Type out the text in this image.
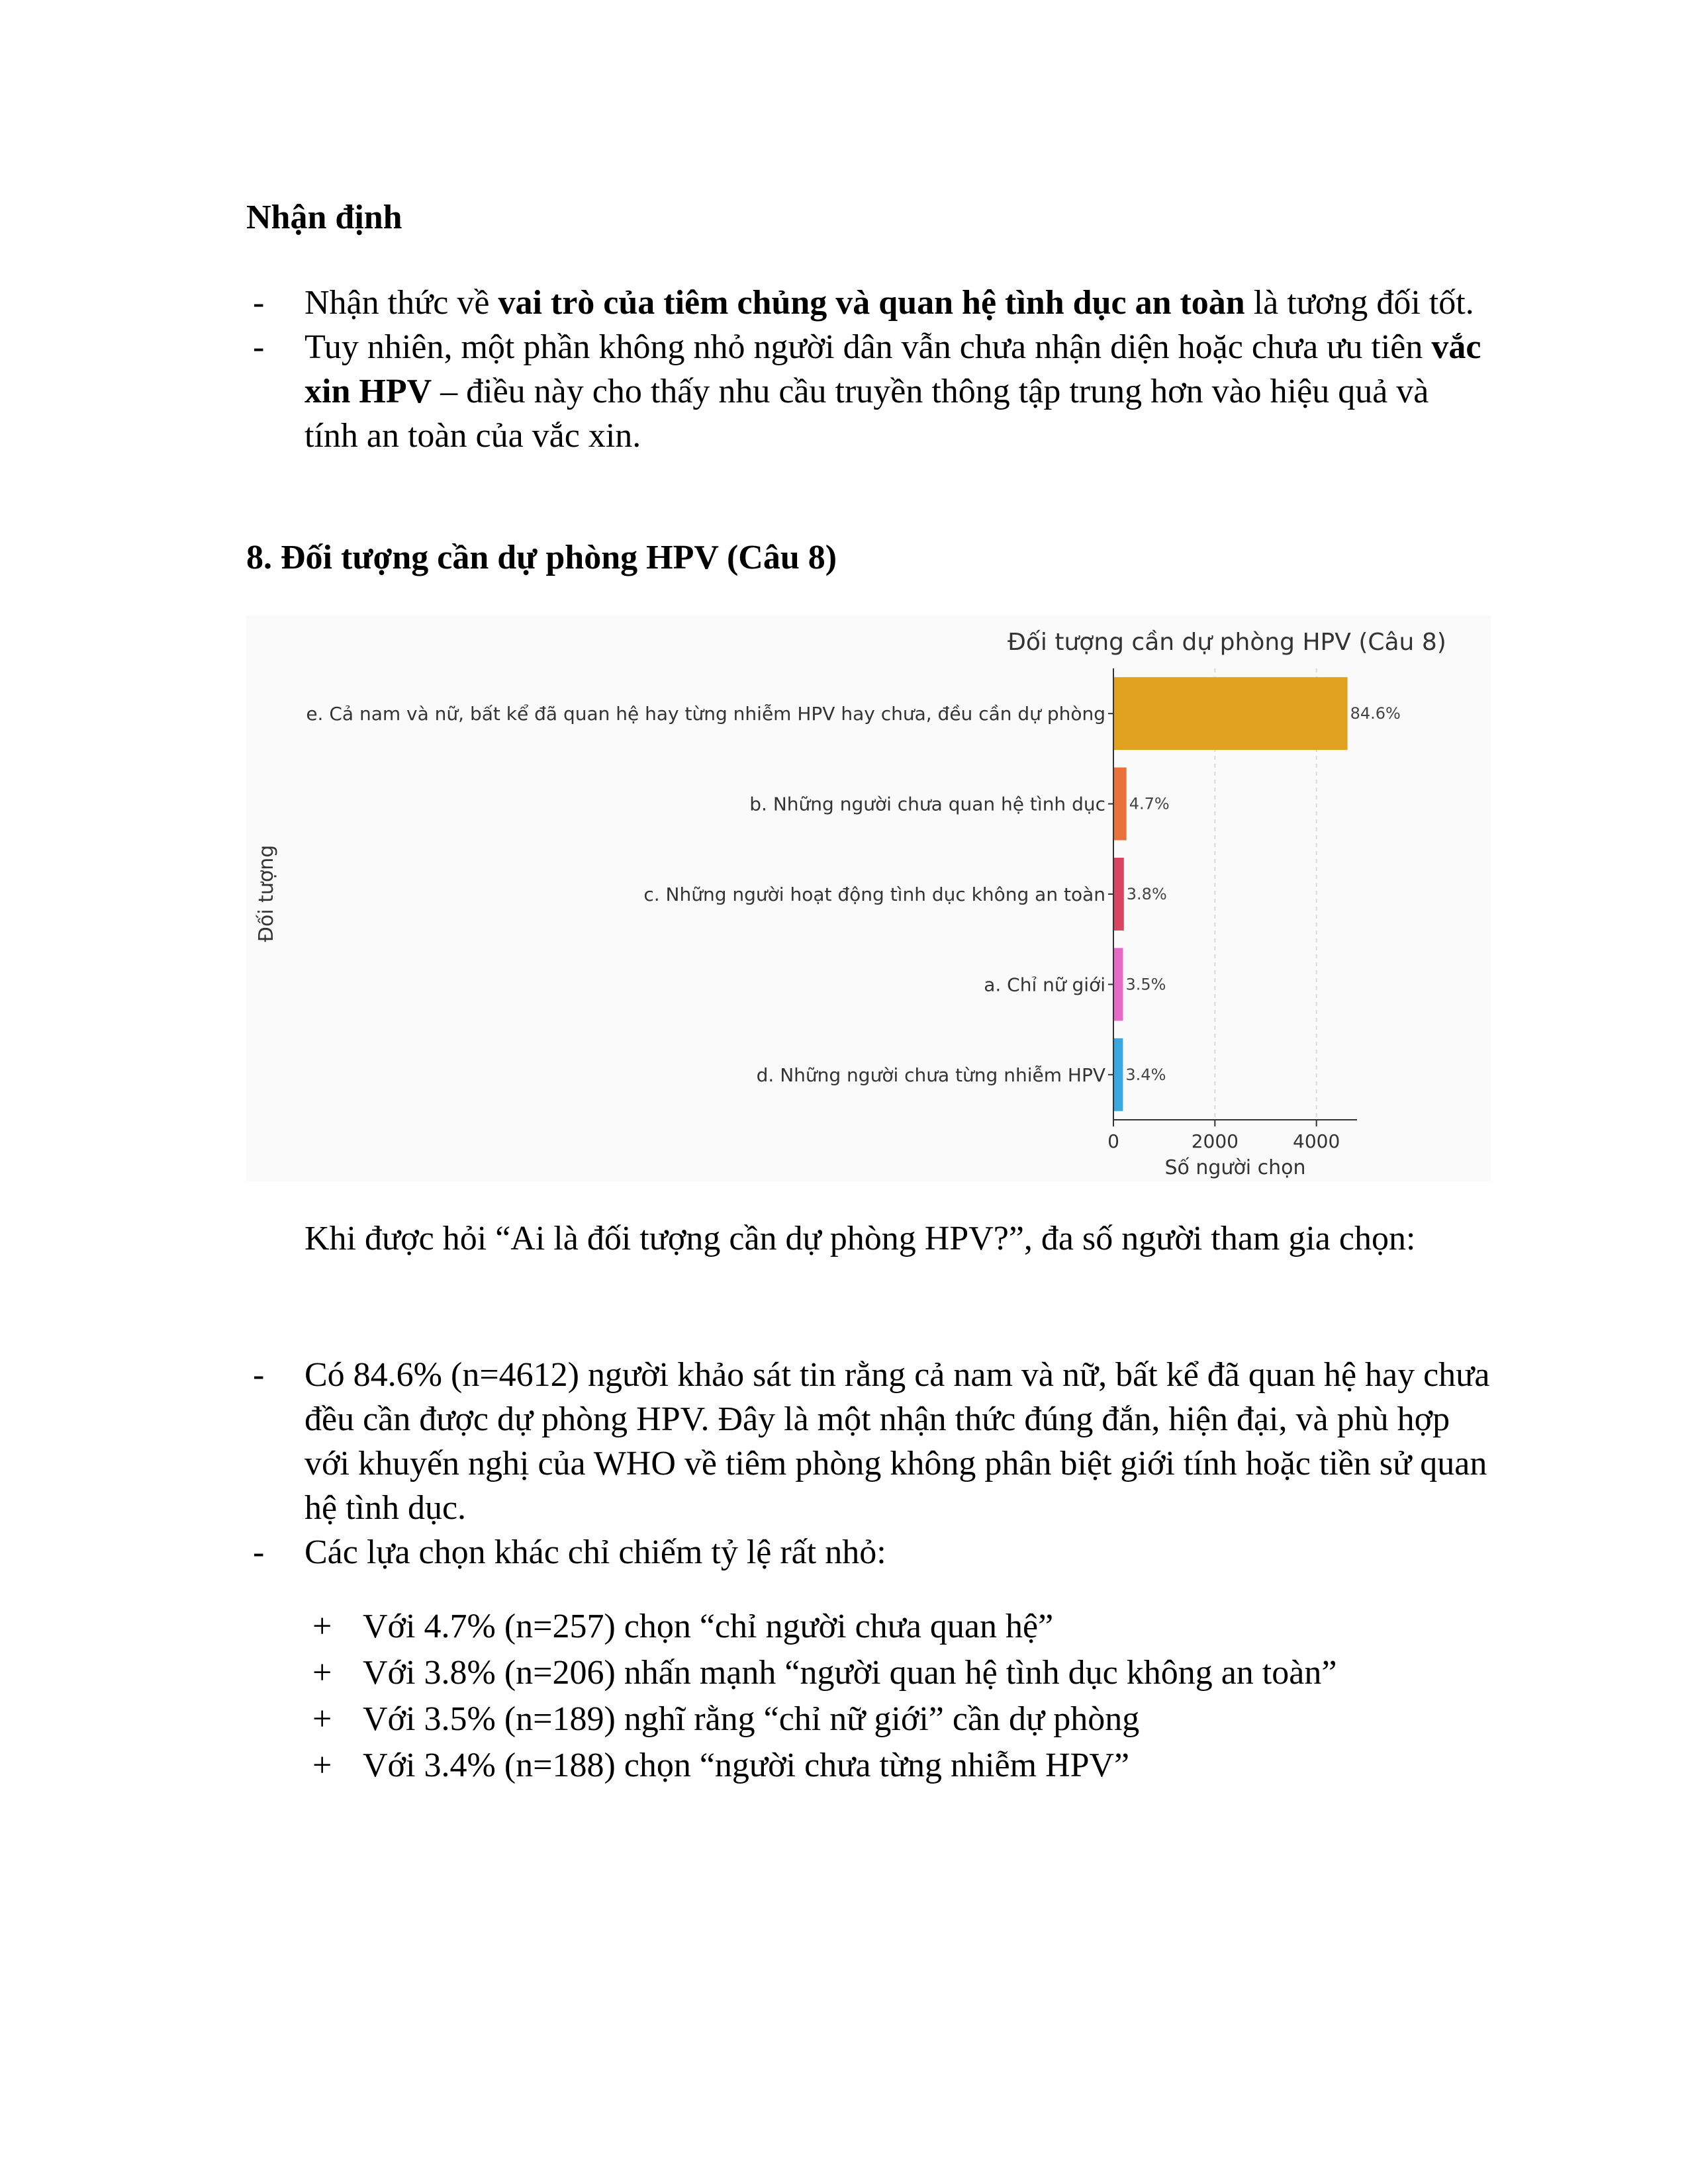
Nhận định
- Nhận thức về vai trò của tiêm chủng và quan hệ tình dục an toàn là tương đối tốt.
- Tuy nhiên, một phần không nhỏ người dân vẫn chưa nhận diện hoặc chưa ưu tiên vắc xin HPV – điều này cho thấy nhu cầu truyền thông tập trung hơn vào hiệu quả và tính an toàn của vắc xin.
8. Đối tượng cần dự phòng HPV (Câu 8)
0	2000	4000
e. Cả nam và nữ, bất kể đã quan hệ hay từng nhiễm HPV hay chưa, đều cần dự phòng	84.6%
b. Những người chưa quan hệ tình dục 4.7%
c. Những người hoạt động tình dục không an toàn 3.8%
a. Chỉ nữ giới 3.5%
d. Những người chưa từng nhiễm HPV 3.4%
Đối tượng cần dự phòng HPV (Câu 8)
Số người chọn
Đối tượng

Khi được hỏi “Ai là đối tượng cần dự phòng HPV?”, đa số người tham gia chọn:

- Có 84.6% (n=4612) người khảo sát tin rằng cả nam và nữ, bất kể đã quan hệ hay chưa đều cần được dự phòng HPV. Đây là một nhận thức đúng đắn, hiện đại, và phù hợp với khuyến nghị của WHO về tiêm phòng không phân biệt giới tính hoặc tiền sử quan hệ tình dục.
- Các lựa chọn khác chỉ chiếm tỷ lệ rất nhỏ:
+ Với 4.7% (n=257) chọn “chỉ người chưa quan hệ”
+ Với 3.8% (n=206) nhấn mạnh “người quan hệ tình dục không an toàn”
+ Với 3.5% (n=189) nghĩ rằng “chỉ nữ giới” cần dự phòng
+ Với 3.4% (n=188) chọn “người chưa từng nhiễm HPV”
